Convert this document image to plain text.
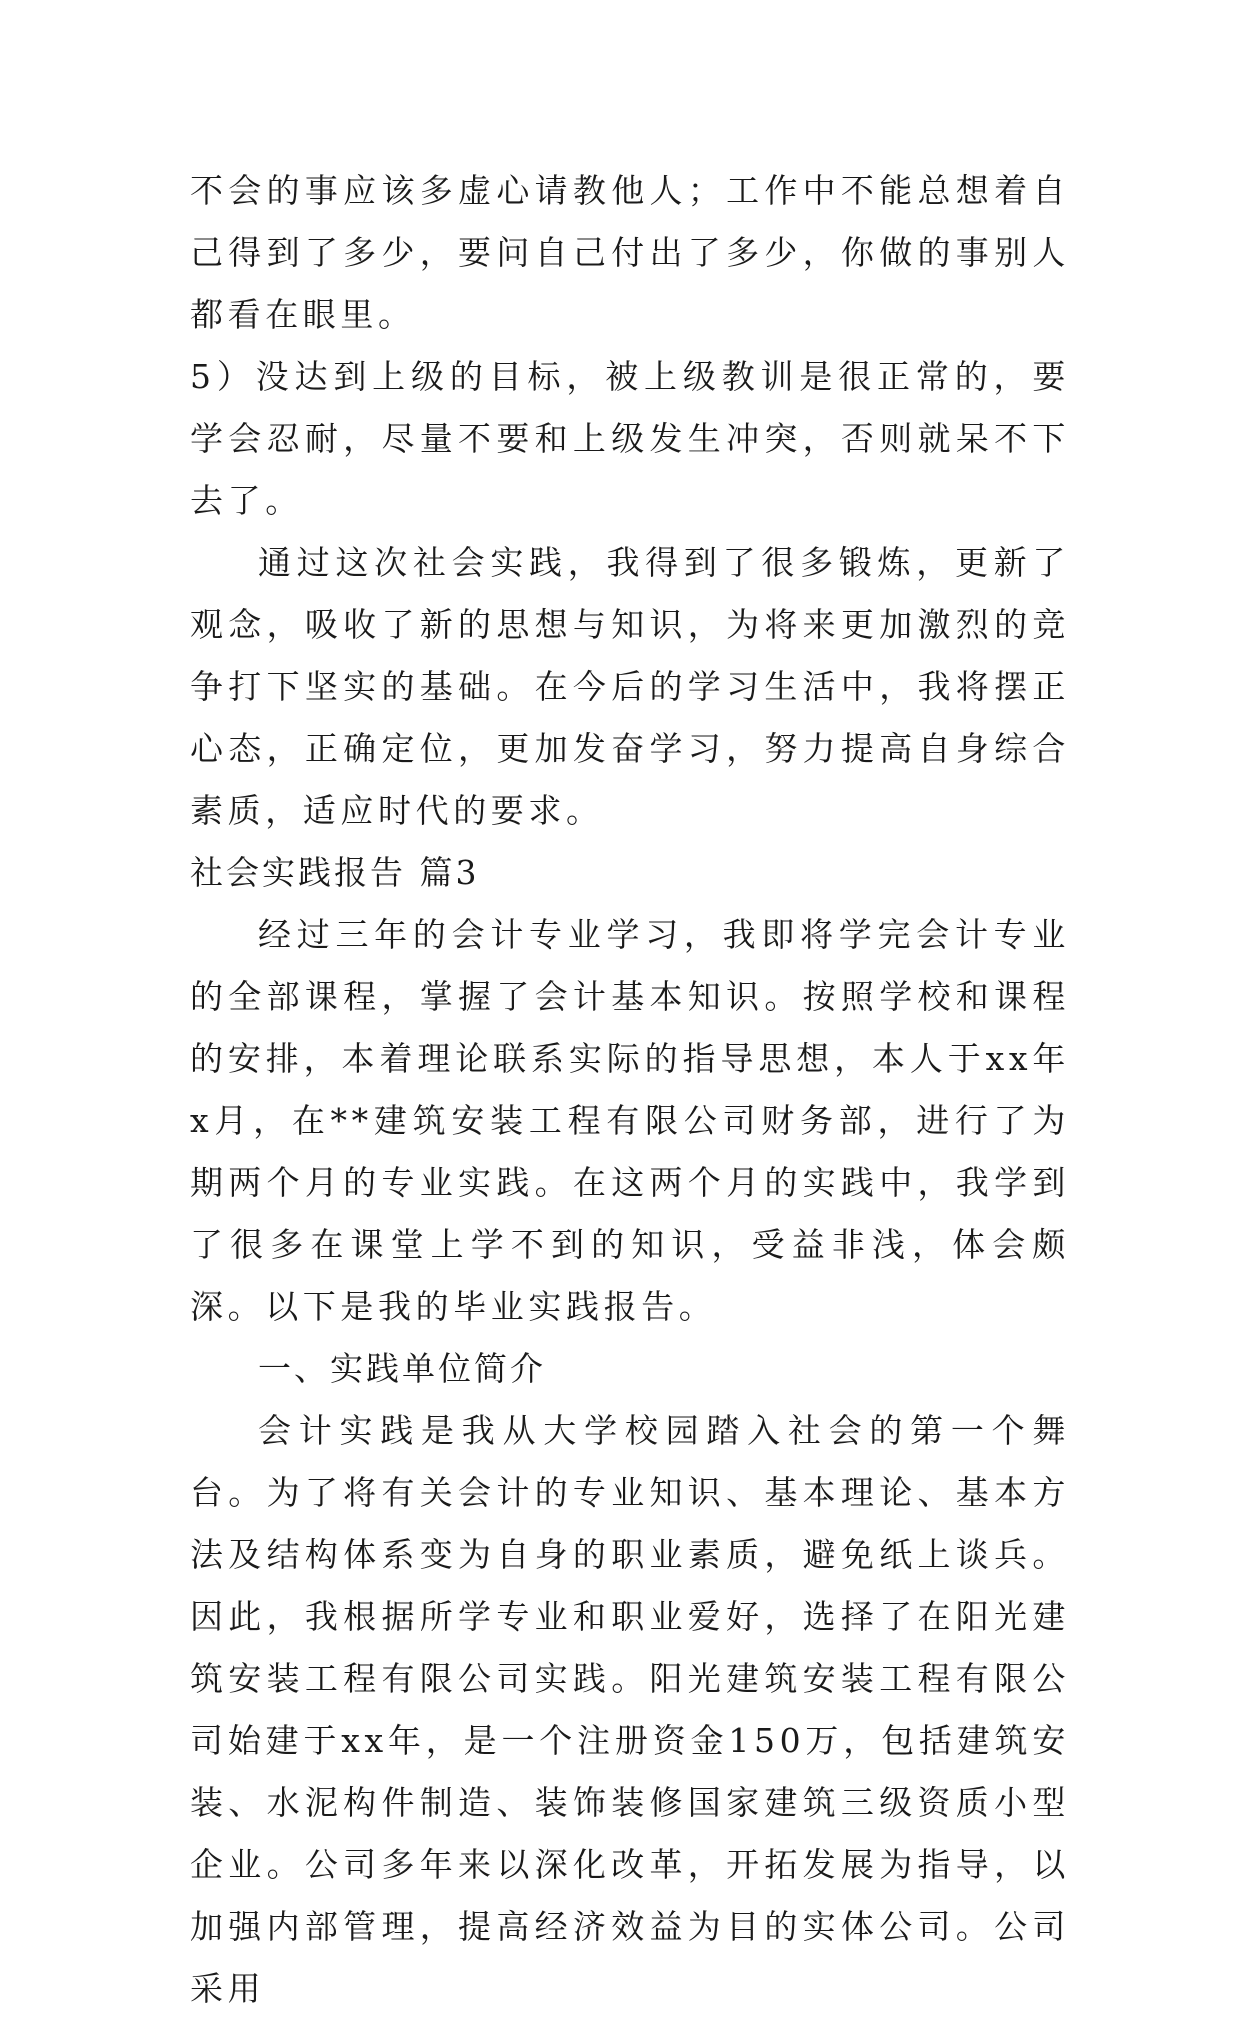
不会的事应该多虚心请教他人；工作中不能总想着自己得到了多少，要问自己付出了多少，你做的事别人都看在眼里。

5）没达到上级的目标，被上级教训是很正常的，要学会忍耐，尽量不要和上级发生冲突，否则就呆不下去了。

通过这次社会实践，我得到了很多锻炼，更新了观念，吸收了新的思想与知识，为将来更加激烈的竞争打下坚实的基础。在今后的学习生活中，我将摆正心态，正确定位，更加发奋学习，努力提高自身综合素质，适应时代的要求。

社会实践报告 篇3

经过三年的会计专业学习，我即将学完会计专业的全部课程，掌握了会计基本知识。按照学校和课程的安排，本着理论联系实际的指导思想，本人于xx年x月，在**建筑安装工程有限公司财务部，进行了为期两个月的专业实践。在这两个月的实践中，我学到了很多在课堂上学不到的知识，受益非浅，体会颇深。以下是我的毕业实践报告。

一、实践单位简介

会计实践是我从大学校园踏入社会的第一个舞台。为了将有关会计的专业知识、基本理论、基本方法及结构体系变为自身的职业素质，避免纸上谈兵。因此，我根据所学专业和职业爱好，选择了在阳光建筑安装工程有限公司实践。阳光建筑安装工程有限公司始建于xx年，是一个注册资金150万，包括建筑安装、水泥构件制造、装饰装修国家建筑三级资质小型企业。公司多年来以深化改革，开拓发展为指导，以加强内部管理，提高经济效益为目的实体公司。公司采用
